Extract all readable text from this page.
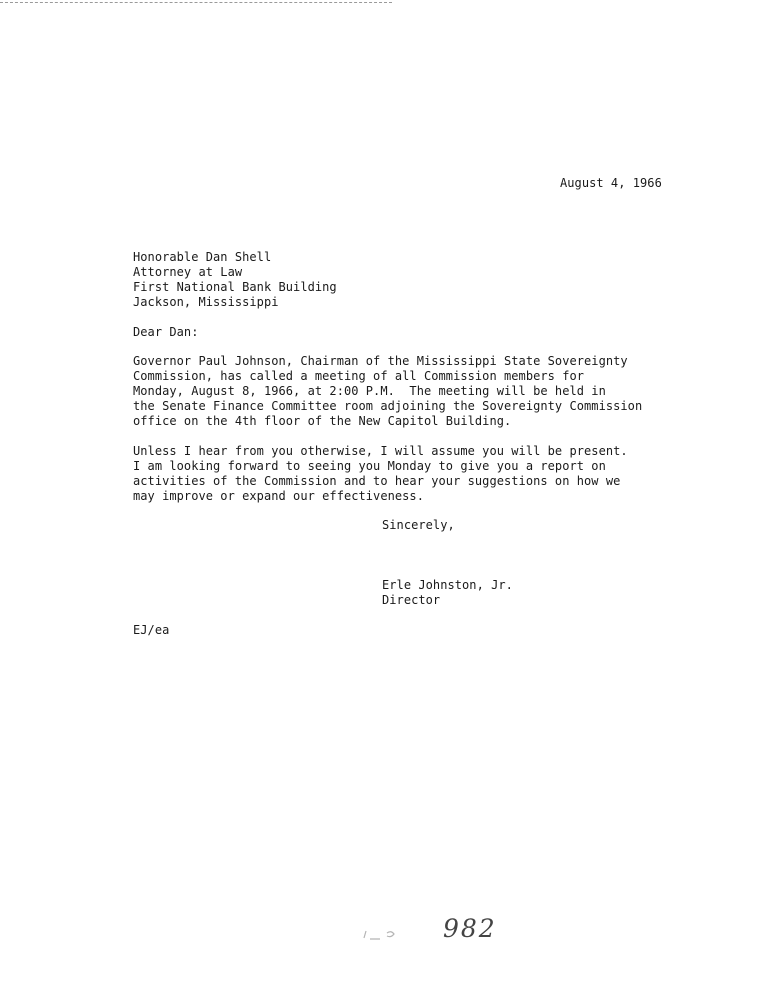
August 4, 1966
Honorable Dan Shell
Attorney at Law
First National Bank Building
Jackson, Mississippi
Dear Dan:
Governor Paul Johnson, Chairman of the Mississippi State Sovereignty
Commission, has called a meeting of all Commission members for
Monday, August 8, 1966, at 2:00 P.M.  The meeting will be held in
the Senate Finance Committee room adjoining the Sovereignty Commission
office on the 4th floor of the New Capitol Building.
Unless I hear from you otherwise, I will assume you will be present.
I am looking forward to seeing you Monday to give you a report on
activities of the Commission and to hear your suggestions on how we
may improve or expand our effectiveness.
Sincerely,
Erle Johnston, Jr.
Director
EJ/ea
982
